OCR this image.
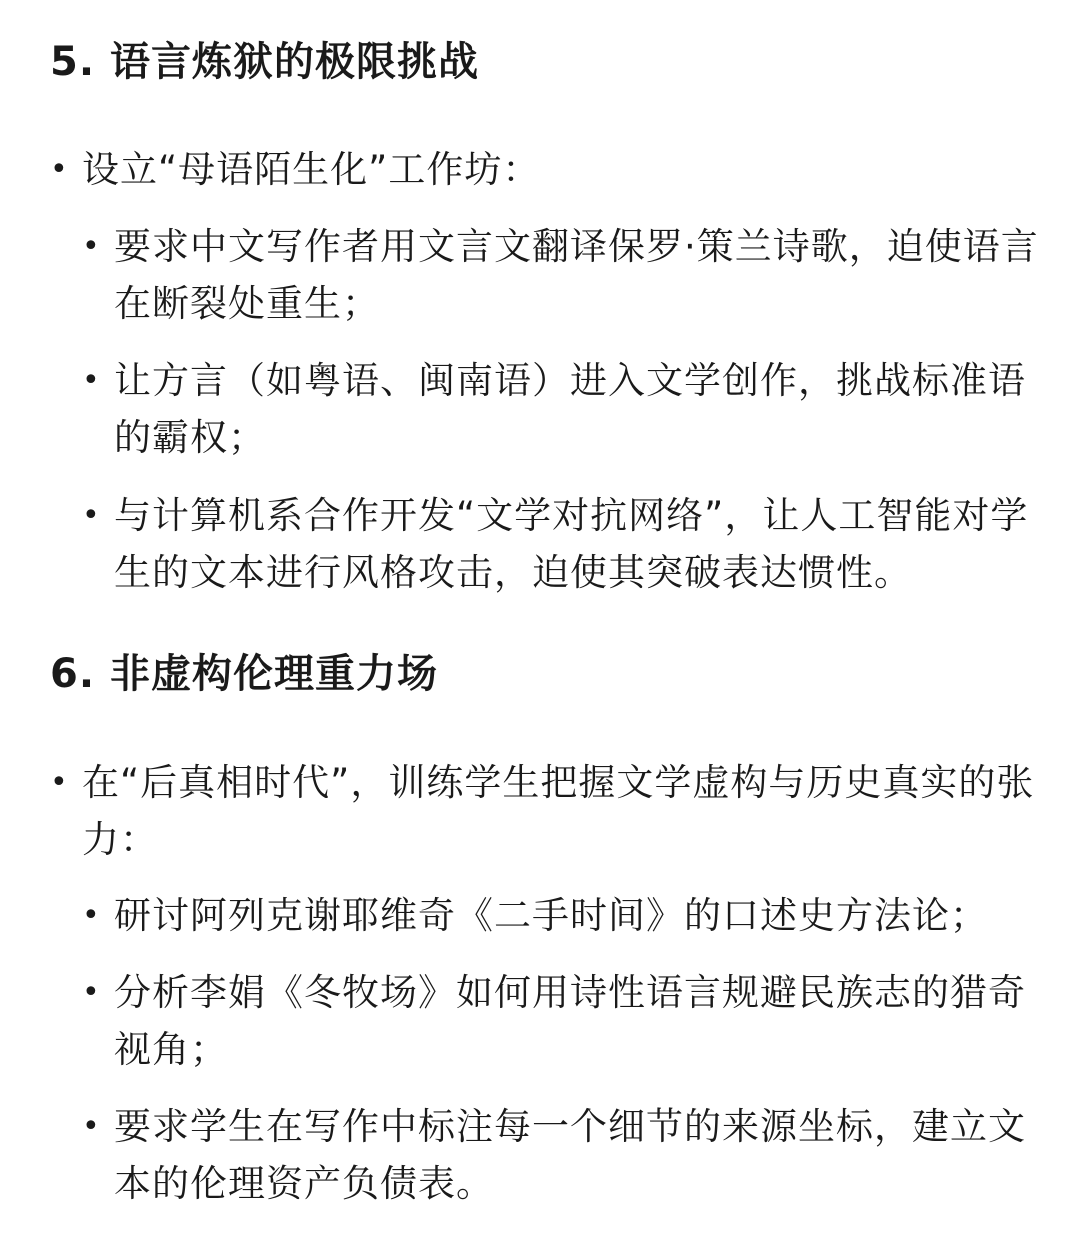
5. 语言炼狱的极限挑战
• 设立“母语陌生化”工作坊：
• 要求中文写作者用文言文翻译保罗·策兰诗歌，迫使语言在断裂处重生；
• 让方言（如粤语、闽南语）进入文学创作，挑战标准语的霸权；
• 与计算机系合作开发“文学对抗网络”，让人工智能对学生的文本进行风格攻击，迫使其突破表达惯性。
6. 非虚构伦理重力场
• 在“后真相时代”，训练学生把握文学虚构与历史真实的张力：
• 研讨阿列克谢耶维奇《二手时间》的口述史方法论；
• 分析李娟《冬牧场》如何用诗性语言规避民族志的猎奇视角；
• 要求学生在写作中标注每一个细节的来源坐标，建立文本的伦理资产负债表。
